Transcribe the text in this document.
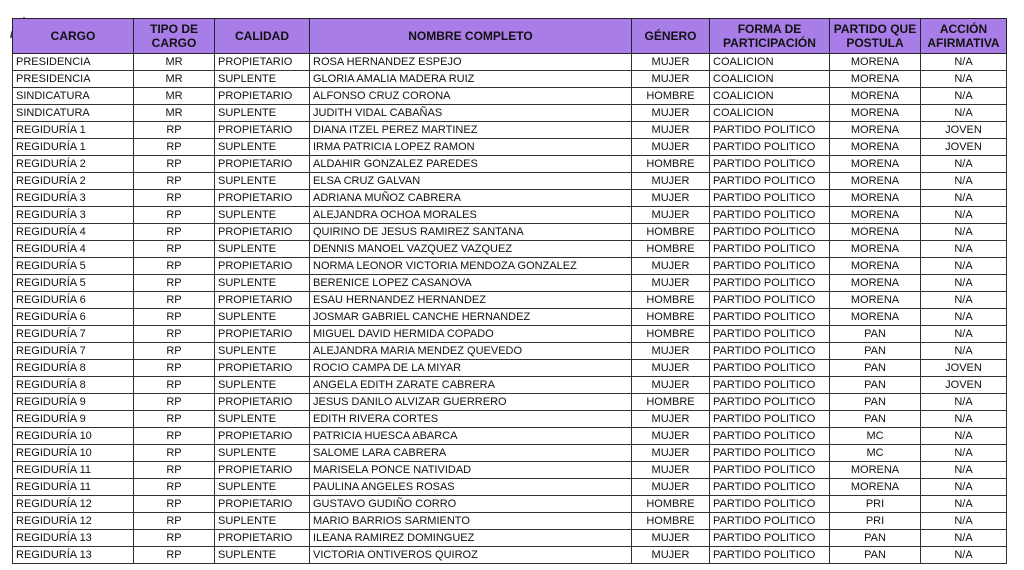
CARGO	TIPO DE CARGO	CALIDAD	NOMBRE COMPLETO	GÉNERO	FORMA DE PARTICIPACIÓN	PARTIDO QUE POSTULA	ACCIÓN AFIRMATIVA
PRESIDENCIA	MR	PROPIETARIO	ROSA HERNANDEZ ESPEJO	MUJER	COALICION	MORENA	N/A
PRESIDENCIA	MR	SUPLENTE	GLORIA AMALIA MADERA RUIZ	MUJER	COALICION	MORENA	N/A
SINDICATURA	MR	PROPIETARIO	ALFONSO CRUZ CORONA	HOMBRE	COALICION	MORENA	N/A
SINDICATURA	MR	SUPLENTE	JUDITH VIDAL CABAÑAS	MUJER	COALICION	MORENA	N/A
REGIDURÍA 1	RP	PROPIETARIO	DIANA ITZEL PEREZ MARTINEZ	MUJER	PARTIDO POLITICO	MORENA	JOVEN
REGIDURÍA 1	RP	SUPLENTE	IRMA PATRICIA LOPEZ RAMON	MUJER	PARTIDO POLITICO	MORENA	JOVEN
REGIDURÍA 2	RP	PROPIETARIO	ALDAHIR GONZALEZ PAREDES	HOMBRE	PARTIDO POLITICO	MORENA	N/A
REGIDURÍA 2	RP	SUPLENTE	ELSA CRUZ GALVAN	MUJER	PARTIDO POLITICO	MORENA	N/A
REGIDURÍA 3	RP	PROPIETARIO	ADRIANA MUÑOZ CABRERA	MUJER	PARTIDO POLITICO	MORENA	N/A
REGIDURÍA 3	RP	SUPLENTE	ALEJANDRA OCHOA MORALES	MUJER	PARTIDO POLITICO	MORENA	N/A
REGIDURÍA 4	RP	PROPIETARIO	QUIRINO DE JESUS RAMIREZ SANTANA	HOMBRE	PARTIDO POLITICO	MORENA	N/A
REGIDURÍA 4	RP	SUPLENTE	DENNIS MANOEL VAZQUEZ VAZQUEZ	HOMBRE	PARTIDO POLITICO	MORENA	N/A
REGIDURÍA 5	RP	PROPIETARIO	NORMA LEONOR VICTORIA MENDOZA GONZALEZ	MUJER	PARTIDO POLITICO	MORENA	N/A
REGIDURÍA 5	RP	SUPLENTE	BERENICE LOPEZ CASANOVA	MUJER	PARTIDO POLITICO	MORENA	N/A
REGIDURÍA 6	RP	PROPIETARIO	ESAU HERNANDEZ HERNANDEZ	HOMBRE	PARTIDO POLITICO	MORENA	N/A
REGIDURÍA 6	RP	SUPLENTE	JOSMAR GABRIEL CANCHE HERNANDEZ	HOMBRE	PARTIDO POLITICO	MORENA	N/A
REGIDURÍA 7	RP	PROPIETARIO	MIGUEL DAVID HERMIDA COPADO	HOMBRE	PARTIDO POLITICO	PAN	N/A
REGIDURÍA 7	RP	SUPLENTE	ALEJANDRA MARIA MENDEZ QUEVEDO	MUJER	PARTIDO POLITICO	PAN	N/A
REGIDURÍA 8	RP	PROPIETARIO	ROCIO CAMPA DE LA MIYAR	MUJER	PARTIDO POLITICO	PAN	JOVEN
REGIDURÍA 8	RP	SUPLENTE	ANGELA EDITH ZARATE CABRERA	MUJER	PARTIDO POLITICO	PAN	JOVEN
REGIDURÍA 9	RP	PROPIETARIO	JESUS DANILO ALVIZAR GUERRERO	HOMBRE	PARTIDO POLITICO	PAN	N/A
REGIDURÍA 9	RP	SUPLENTE	EDITH RIVERA CORTES	MUJER	PARTIDO POLITICO	PAN	N/A
REGIDURÍA 10	RP	PROPIETARIO	PATRICIA HUESCA ABARCA	MUJER	PARTIDO POLITICO	MC	N/A
REGIDURÍA 10	RP	SUPLENTE	SALOME LARA CABRERA	MUJER	PARTIDO POLITICO	MC	N/A
REGIDURÍA 11	RP	PROPIETARIO	MARISELA PONCE NATIVIDAD	MUJER	PARTIDO POLITICO	MORENA	N/A
REGIDURÍA 11	RP	SUPLENTE	PAULINA ANGELES ROSAS	MUJER	PARTIDO POLITICO	MORENA	N/A
REGIDURÍA 12	RP	PROPIETARIO	GUSTAVO GUDIÑO CORRO	HOMBRE	PARTIDO POLITICO	PRI	N/A
REGIDURÍA 12	RP	SUPLENTE	MARIO BARRIOS SARMIENTO	HOMBRE	PARTIDO POLITICO	PRI	N/A
REGIDURÍA 13	RP	PROPIETARIO	ILEANA RAMIREZ DOMINGUEZ	MUJER	PARTIDO POLITICO	PAN	N/A
REGIDURÍA 13	RP	SUPLENTE	VICTORIA ONTIVEROS QUIROZ	MUJER	PARTIDO POLITICO	PAN	N/A
